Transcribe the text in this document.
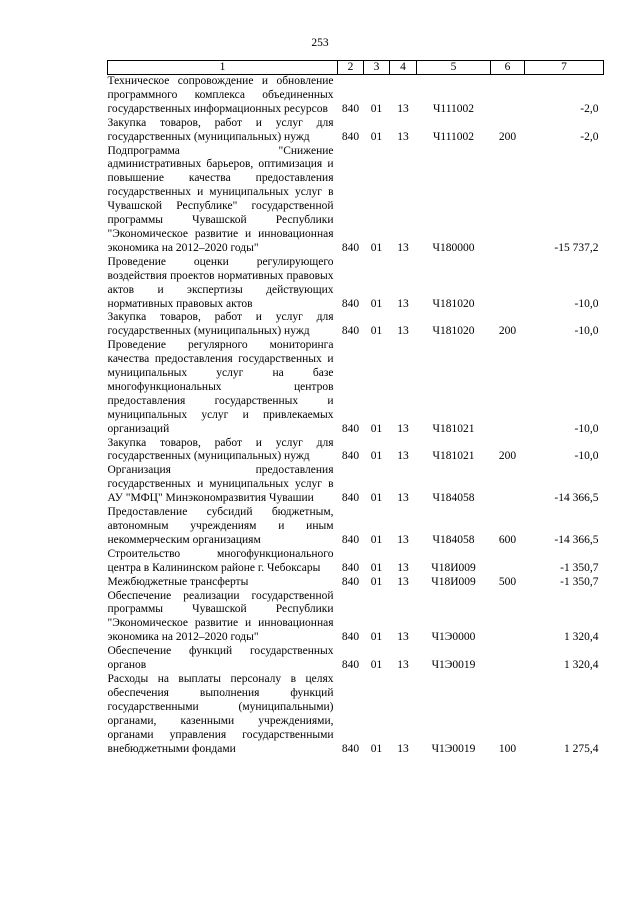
253
1	2	3	4	5	6	7
Техническое сопровождение и обновление программного комплекса объединенных государственных информационных ресурсов	840	01	13	Ч111002		-2,0
Закупка товаров, работ и услуг для государственных (муниципальных) нужд	840	01	13	Ч111002	200	-2,0
Подпрограмма "Снижение административных барьеров, оптимизация и повышение качества предоставления государственных и муниципальных услуг в Чувашской Республике" государственной программы Чувашской Республики "Экономическое развитие и инновационная экономика на 2012–2020 годы"	840	01	13	Ч180000		-15 737,2
Проведение оценки регулирующего воздействия проектов нормативных правовых актов и экспертизы действующих нормативных правовых актов	840	01	13	Ч181020		-10,0
Закупка товаров, работ и услуг для государственных (муниципальных) нужд	840	01	13	Ч181020	200	-10,0
Проведение регулярного мониторинга качества предоставления государственных и муниципальных услуг на базе многофункциональных центров предоставления государственных и муниципальных услуг и привлекаемых организаций	840	01	13	Ч181021		-10,0
Закупка товаров, работ и услуг для государственных (муниципальных) нужд	840	01	13	Ч181021	200	-10,0
Организация предоставления государственных и муниципальных услуг в АУ "МФЦ" Минэкономразвития Чувашии	840	01	13	Ч184058		-14 366,5
Предоставление субсидий бюджетным, автономным учреждениям и иным некоммерческим организациям	840	01	13	Ч184058	600	-14 366,5
Строительство многофункционального центра в Калининском районе г. Чебоксары	840	01	13	Ч18И009		-1 350,7
Межбюджетные трансферты	840	01	13	Ч18И009	500	-1 350,7
Обеспечение реализации государственной программы Чувашской Республики "Экономическое развитие и инновационная экономика на 2012–2020 годы"	840	01	13	Ч1Э0000		1 320,4
Обеспечение функций государственных органов	840	01	13	Ч1Э0019		1 320,4
Расходы на выплаты персоналу в целях обеспечения выполнения функций государственными (муниципальными) органами, казенными учреждениями, органами управления государственными внебюджетными фондами	840	01	13	Ч1Э0019	100	1 275,4
